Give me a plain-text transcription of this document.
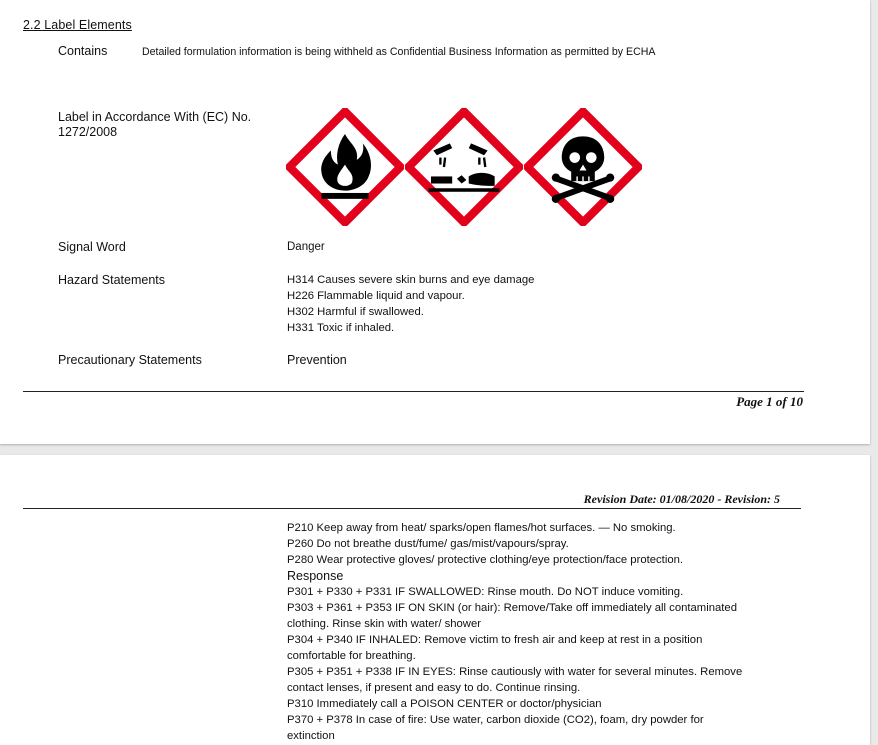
2.2 Label Elements
Contains	Detailed formulation information is being withheld as Confidential Business Information as permitted by ECHA
Label in Accordance With (EC) No.
1272/2008
Signal Word	Danger
Hazard Statements	H314 Causes severe skin burns and eye damage
H226 Flammable liquid and vapour.
H302 Harmful if swallowed.
H331 Toxic if inhaled.
Precautionary Statements	Prevention
Page 1 of 10
Revision Date: 01/08/2020 - Revision: 5
P210 Keep away from heat/ sparks/open flames/hot surfaces. — No smoking.
P260 Do not breathe dust/fume/ gas/mist/vapours/spray.
P280 Wear protective gloves/ protective clothing/eye protection/face protection.
Response
P301 + P330 + P331 IF SWALLOWED: Rinse mouth. Do NOT induce vomiting.
P303 + P361 + P353 IF ON SKIN (or hair): Remove/Take off immediately all contaminated
clothing. Rinse skin with water/ shower
P304 + P340 IF INHALED: Remove victim to fresh air and keep at rest in a position
comfortable for breathing.
P305 + P351 + P338 IF IN EYES: Rinse cautiously with water for several minutes. Remove
contact lenses, if present and easy to do. Continue rinsing.
P310 Immediately call a POISON CENTER or doctor/physician
P370 + P378 In case of fire: Use water, carbon dioxide (CO2), foam, dry powder for
extinction
